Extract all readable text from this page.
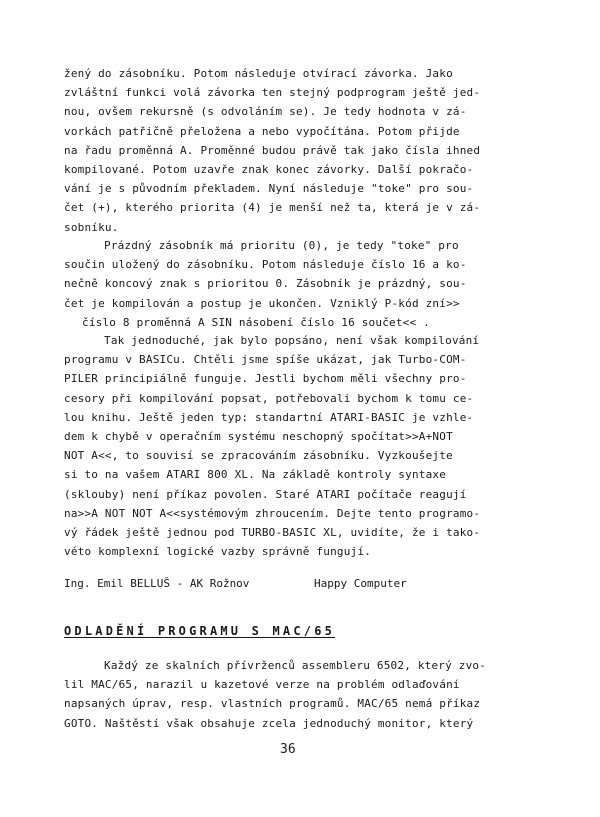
žený do zásobníku. Potom následuje otvírací závorka. Jako
zvláštní funkci volá závorka ten stejný podprogram ještě jed-
nou, ovšem rekursně (s odvoláním se). Je tedy hodnota v zá-
vorkách patřičně přeložena a nebo vypočítána. Potom přijde
na řadu proměnná A. Proměnné budou právě tak jako čísla ihned
kompilované. Potom uzavře znak konec závorky. Další pokračo-
vání je s původním překladem. Nyní následuje "toke" pro sou-
čet (+), kterého priorita (4) je menší než ta, která je v zá-
sobníku.
Prázdný zásobník má prioritu (0), je tedy "toke" pro
součin uložený do zásobníku. Potom následuje číslo 16 a ko-
nečně koncový znak s prioritou 0. Zásobník je prázdný, sou-
čet je kompilován a postup je ukončen. Vzniklý P-kód zní>>
číslo 8 proměnná A SIN násobení číslo 16 součet<< .
Tak jednoduché, jak bylo popsáno, není však kompilování
programu v BASICu. Chtěli jsme spíše ukázat, jak Turbo-COM-
PILER principiálně funguje. Jestli bychom měli všechny pro-
cesory při kompilování popsat, potřebovali bychom k tomu ce-
lou knihu. Ještě jeden typ: standartní ATARI-BASIC je vzhle-
dem k chybě v operačním systému neschopný spočítat>>A+NOT
NOT A<<, to souvisí se zpracováním zásobníku. Vyzkoušejte
si to na vašem ATARI 800 XL. Na základě kontroly syntaxe
(sklouby) není příkaz povolen. Staré ATARI počítače reagují
na>>A NOT NOT A<<systémovým zhroucením. Dejte tento programo-
vý řádek ještě jednou pod TURBO-BASIC XL, uvidíte, že i tako-
véto komplexní logické vazby správně fungují.
Ing. Emil BELLUŠ - AK Rožnov	Happy Computer
ODLADĚNÍ PROGRAMU S MAC/65
Každý ze skalních přívrženců assembleru 6502, který zvo-
lil MAC/65, narazil u kazetové verze na problém odlaďování
napsaných úprav, resp. vlastních programů. MAC/65 nemá příkaz
GOTO. Naštěstí však obsahuje zcela jednoduchý monitor, který
36
